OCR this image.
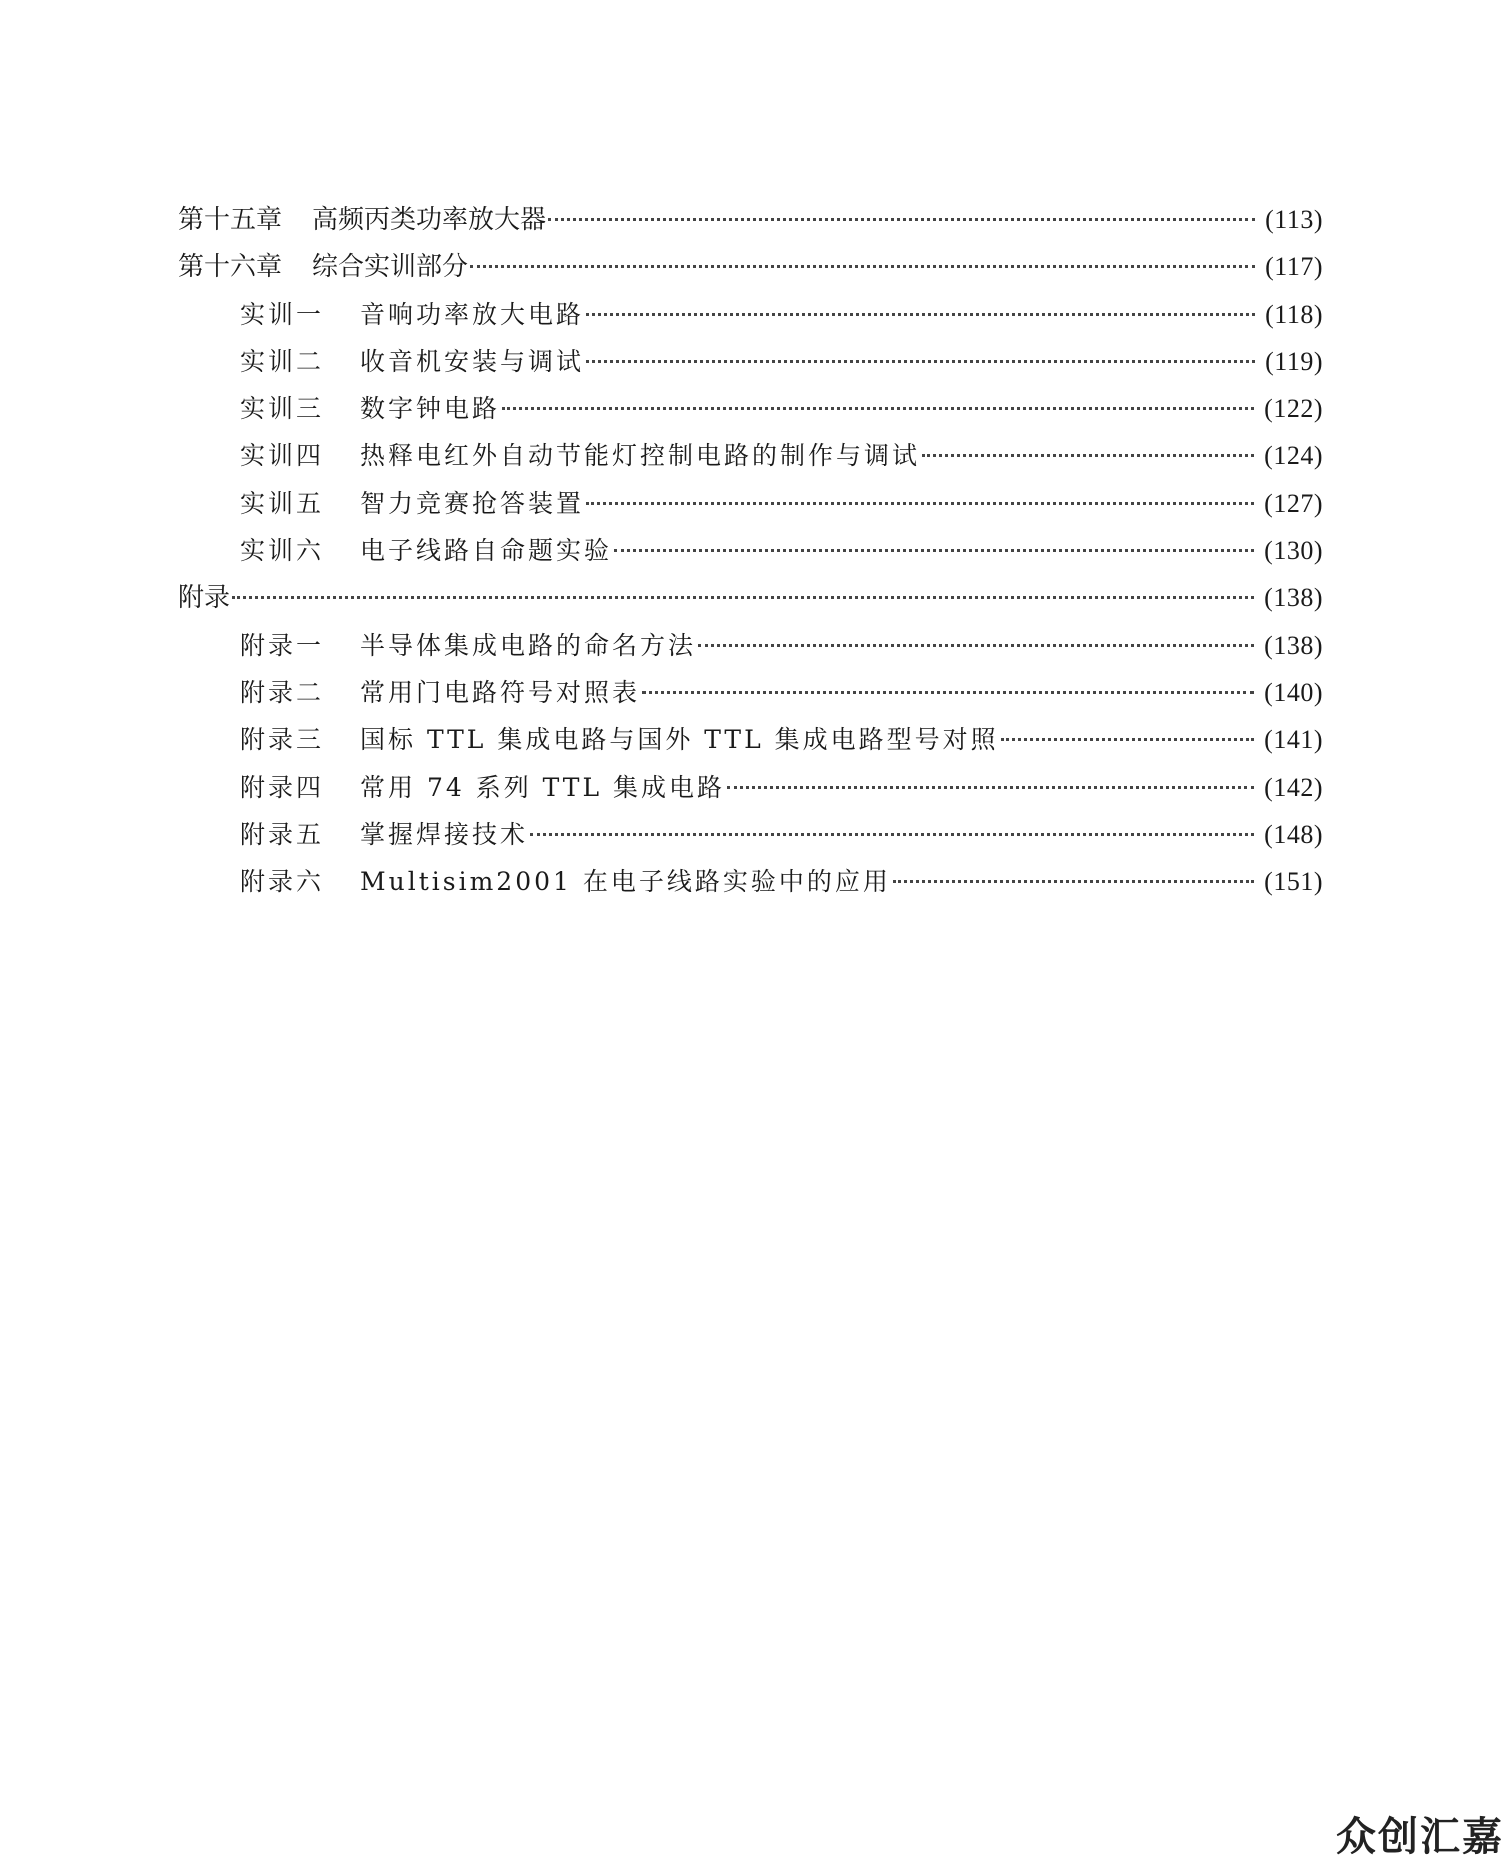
第十五章 高频丙类功率放大器	(113)
第十六章 综合实训部分	(117)
实训一 音响功率放大电路	(118)
实训二 收音机安装与调试	(119)
实训三 数字钟电路	(122)
实训四 热释电红外自动节能灯控制电路的制作与调试	(124)
实训五 智力竞赛抢答装置	(127)
实训六 电子线路自命题实验	(130)
附录	(138)
附录一 半导体集成电路的命名方法	(138)
附录二 常用门电路符号对照表	(140)
附录三 国标 TTL 集成电路与国外 TTL 集成电路型号对照	(141)
附录四 常用 74 系列 TTL 集成电路	(142)
附录五 掌握焊接技术	(148)
附录六 Multisim2001 在电子线路实验中的应用	(151)
众创汇嘉
